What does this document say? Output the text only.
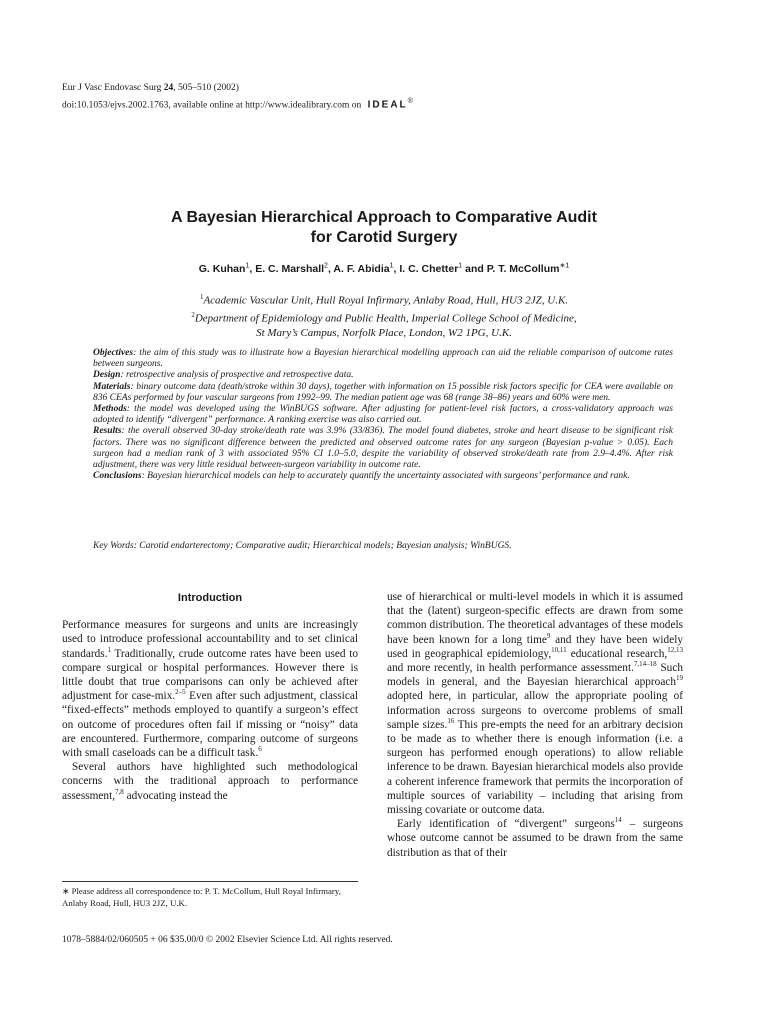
Eur J Vasc Endovasc Surg 24, 505–510 (2002)
doi:10.1053/ejvs.2002.1763, available online at http://www.idealibrary.com on IDEAL®
A Bayesian Hierarchical Approach to Comparative Audit
for Carotid Surgery
G. Kuhan$^1$, E. C. Marshall$^2$, A. F. Abidia$^1$, I. C. Chetter$^1$ and P. T. McCollum$^{∗1}$
$^1$Academic Vascular Unit, Hull Royal Infirmary, Anlaby Road, Hull, HU3 2JZ, U.K.
$^2$Department of Epidemiology and Public Health, Imperial College School of Medicine,
St Mary’s Campus, Norfolk Place, London, W2 1PG, U.K.

Objectives: the aim of this study was to illustrate how a Bayesian hierarchical modelling approach can aid the reliable comparison of outcome rates between surgeons.

Design: retrospective analysis of prospective and retrospective data.

Materials: binary outcome data (death/stroke within 30 days), together with information on 15 possible risk factors specific for CEA were available on 836 CEAs performed by four vascular surgeons from 1992–99. The median patient age was 68 (range 38–86) years and 60% were men.

Methods: the model was developed using the WinBUGS software. After adjusting for patient-level risk factors, a cross-validatory approach was adopted to identify “divergent” performance. A ranking exercise was also carried out.

Results: the overall observed 30-day stroke/death rate was 3.9% (33/836). The model found diabetes, stroke and heart disease to be significant risk factors. There was no significant difference between the predicted and observed outcome rates for any surgeon (Bayesian p-value > 0.05). Each surgeon had a median rank of 3 with associated 95% CI 1.0–5.0, despite the variability of observed stroke/death rate from 2.9–4.4%. After risk adjustment, there was very little residual between-surgeon variability in outcome rate.

Conclusions: Bayesian hierarchical models can help to accurately quantify the uncertainty associated with surgeons’ performance and rank.

Key Words: Carotid endarterectomy; Comparative audit; Hierarchical models; Bayesian analysis; WinBUGS.
Introduction

Performance measures for surgeons and units are increasingly used to introduce professional accountability and to set clinical standards.$^1$ Traditionally, crude outcome rates have been used to compare surgical or hospital performances. However there is little doubt that true comparisons can only be achieved after adjustment for case-mix.$^{2-5}$ Even after such adjustment, classical “fixed-effects” methods employed to quantify a surgeon’s effect on outcome of procedures often fail if missing or “noisy” data are encountered. Furthermore, comparing outcome of surgeons with small caseloads can be a difficult task.$^6$

Several authors have highlighted such methodological concerns with the traditional approach to performance assessment,$^{7,8}$ advocating instead the

use of hierarchical or multi-level models in which it is assumed that the (latent) surgeon-specific effects are drawn from some common distribution. The theoretical advantages of these models have been known for a long time$^9$ and they have been widely used in geographical epidemiology,$^{10,11}$ educational research,$^{12,13}$ and more recently, in health performance assessment.$^{7,14-18}$ Such models in general, and the Bayesian hierarchical approach$^{19}$ adopted here, in particular, allow the appropriate pooling of information across surgeons to overcome problems of small sample sizes.$^{16}$ This pre-empts the need for an arbitrary decision to be made as to whether there is enough information (i.e. a surgeon has performed enough operations) to allow reliable inference to be drawn. Bayesian hierarchical models also provide a coherent inference framework that permits the incorporation of multiple sources of variability – including that arising from missing covariate or outcome data.

Early identification of “divergent” surgeons$^{14}$ – surgeons whose outcome cannot be assumed to be drawn from the same distribution as that of their

∗ Please address all correspondence to: P. T. McCollum, Hull Royal Infirmary, Anlaby Road, Hull, HU3 2JZ, U.K.
1078–5884/02/060505 + 06 $35.00/0 © 2002 Elsevier Science Ltd. All rights reserved.
